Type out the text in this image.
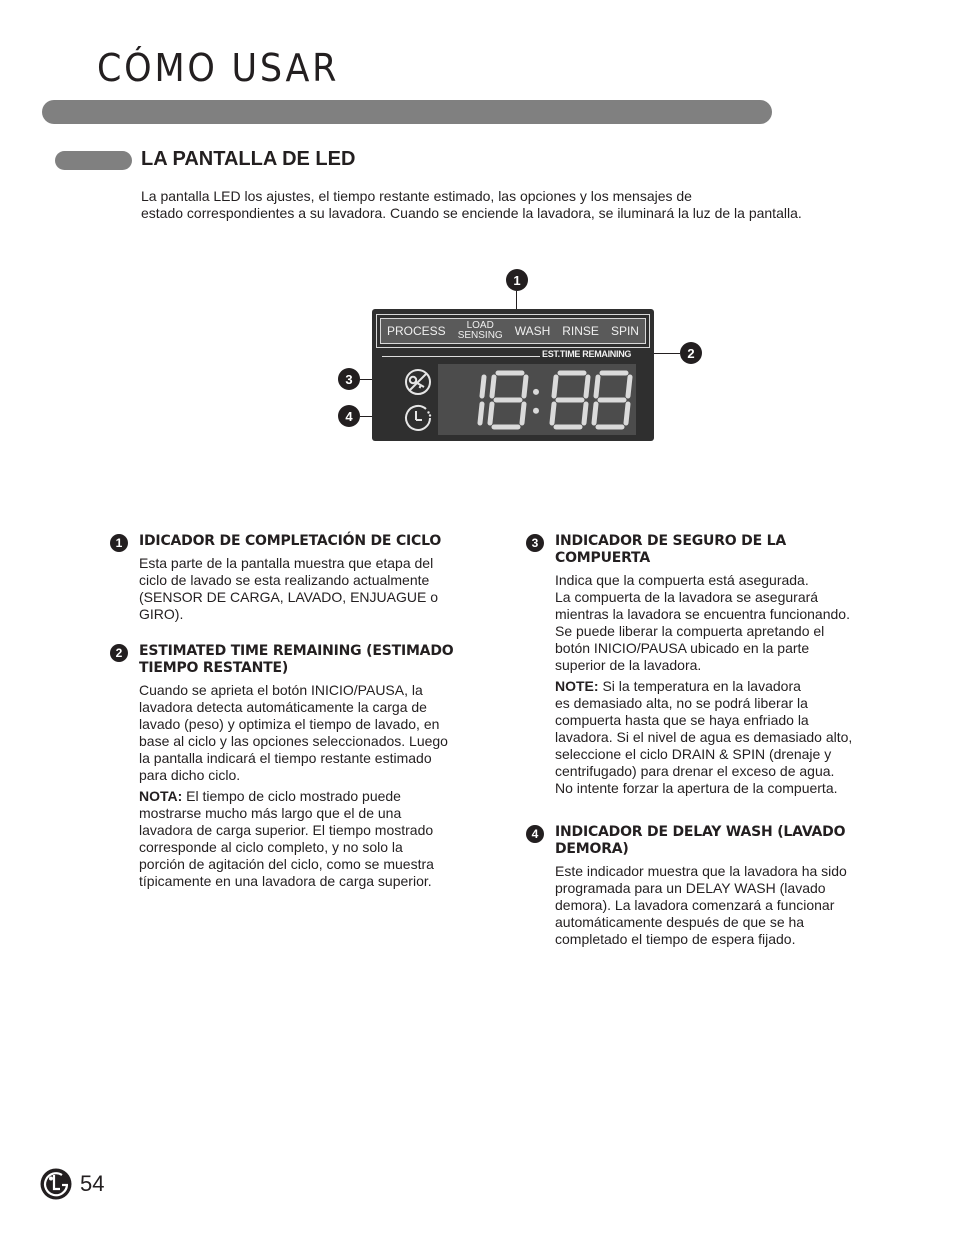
CÓMO USAR
LA PANTALLA DE LED

La pantalla LED los ajustes, el tiempo restante estimado, las opciones y los mensajes de

estado correspondientes a su lavadora. Cuando se enciende la lavadora, se iluminará la luz de la pantalla.

1
2
3
4
PROCESS	LOAD
SENSING WASH RINSE SPIN
EST.TIME REMAINING
1	IDICADOR DE COMPLETACIÓN DE CICLO

Esta parte de la pantalla muestra que etapa del

ciclo de lavado se esta realizando actualmente

(SENSOR DE CARGA, LAVADO, ENJUAGUE o

GIRO).

2	ESTIMATED TIME REMAINING (ESTIMADO
TIEMPO RESTANTE)

Cuando se aprieta el botón INICIO/PAUSA, la

lavadora detecta automáticamente la carga de

lavado (peso) y optimiza el tiempo de lavado, en

base al ciclo y las opciones seleccionados. Luego

la pantalla indicará el tiempo restante estimado

para dicho ciclo.

NOTA: El tiempo de ciclo mostrado puede

mostrarse mucho más largo que el de una

lavadora de carga superior. El tiempo mostrado

corresponde al ciclo completo, y no solo la

porción de agitación del ciclo, como se muestra

típicamente en una lavadora de carga superior.

3	INDICADOR DE SEGURO DE LA
COMPUERTA

Indica que la compuerta está asegurada.

La compuerta de la lavadora se asegurará

mientras la lavadora se encuentra funcionando.

Se puede liberar la compuerta apretando el

botón INICIO/PAUSA ubicado en la parte

superior de la lavadora.

NOTE: Si la temperatura en la lavadora

es demasiado alta, no se podrá liberar la

compuerta hasta que se haya enfriado la

lavadora. Si el nivel de agua es demasiado alto,

seleccione el ciclo DRAIN & SPIN (drenaje y

centrifugado) para drenar el exceso de agua.

No intente forzar la apertura de la compuerta.

4	INDICADOR DE DELAY WASH (LAVADO
DEMORA)

Este indicador muestra que la lavadora ha sido

programada para un DELAY WASH (lavado

demora). La lavadora comenzará a funcionar

automáticamente después de que se ha

completado el tiempo de espera fijado.

54
